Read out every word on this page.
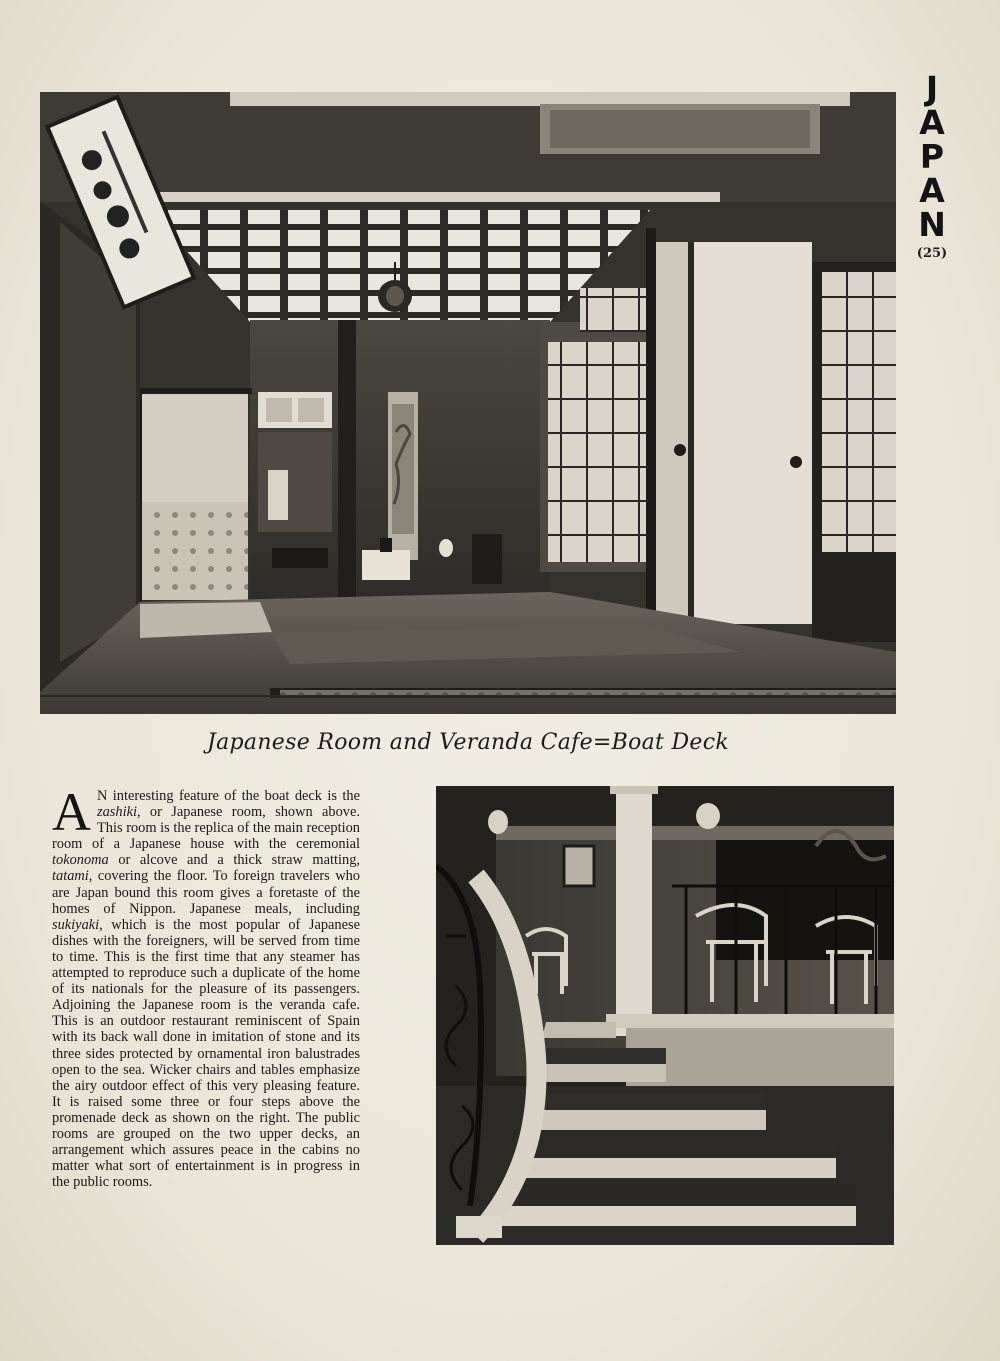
J
A
P
A
N
(25)
Japanese Room and Veranda Cafe=Boat Deck
A N interesting feature of the boat deck is the zashiki, or Japanese room, shown above. This room is the replica of the main reception room of a Japanese house with the ceremonial tokonoma or alcove and a thick straw matting, tatami, covering the floor. To foreign travelers who are Japan bound this room gives a foretaste of the homes of Nippon. Japanese meals, including sukiyaki, which is the most popular of Japanese dishes with the foreigners, will be served from time to time. This is the first time that any steamer has attempted to reproduce such a duplicate of the home of its nationals for the pleasure of its passengers. Adjoining the Japanese room is the veranda cafe. This is an outdoor restaurant reminiscent of Spain with its back wall done in imitation of stone and its three sides protected by ornamental iron balustrades open to the sea. Wicker chairs and tables emphasize the airy outdoor effect of this very pleasing feature. It is raised some three or four steps above the promenade deck as shown on the right. The public rooms are grouped on the two upper decks, an arrangement which assures peace in the cabins no matter what sort of entertainment is in progress in the public rooms.
